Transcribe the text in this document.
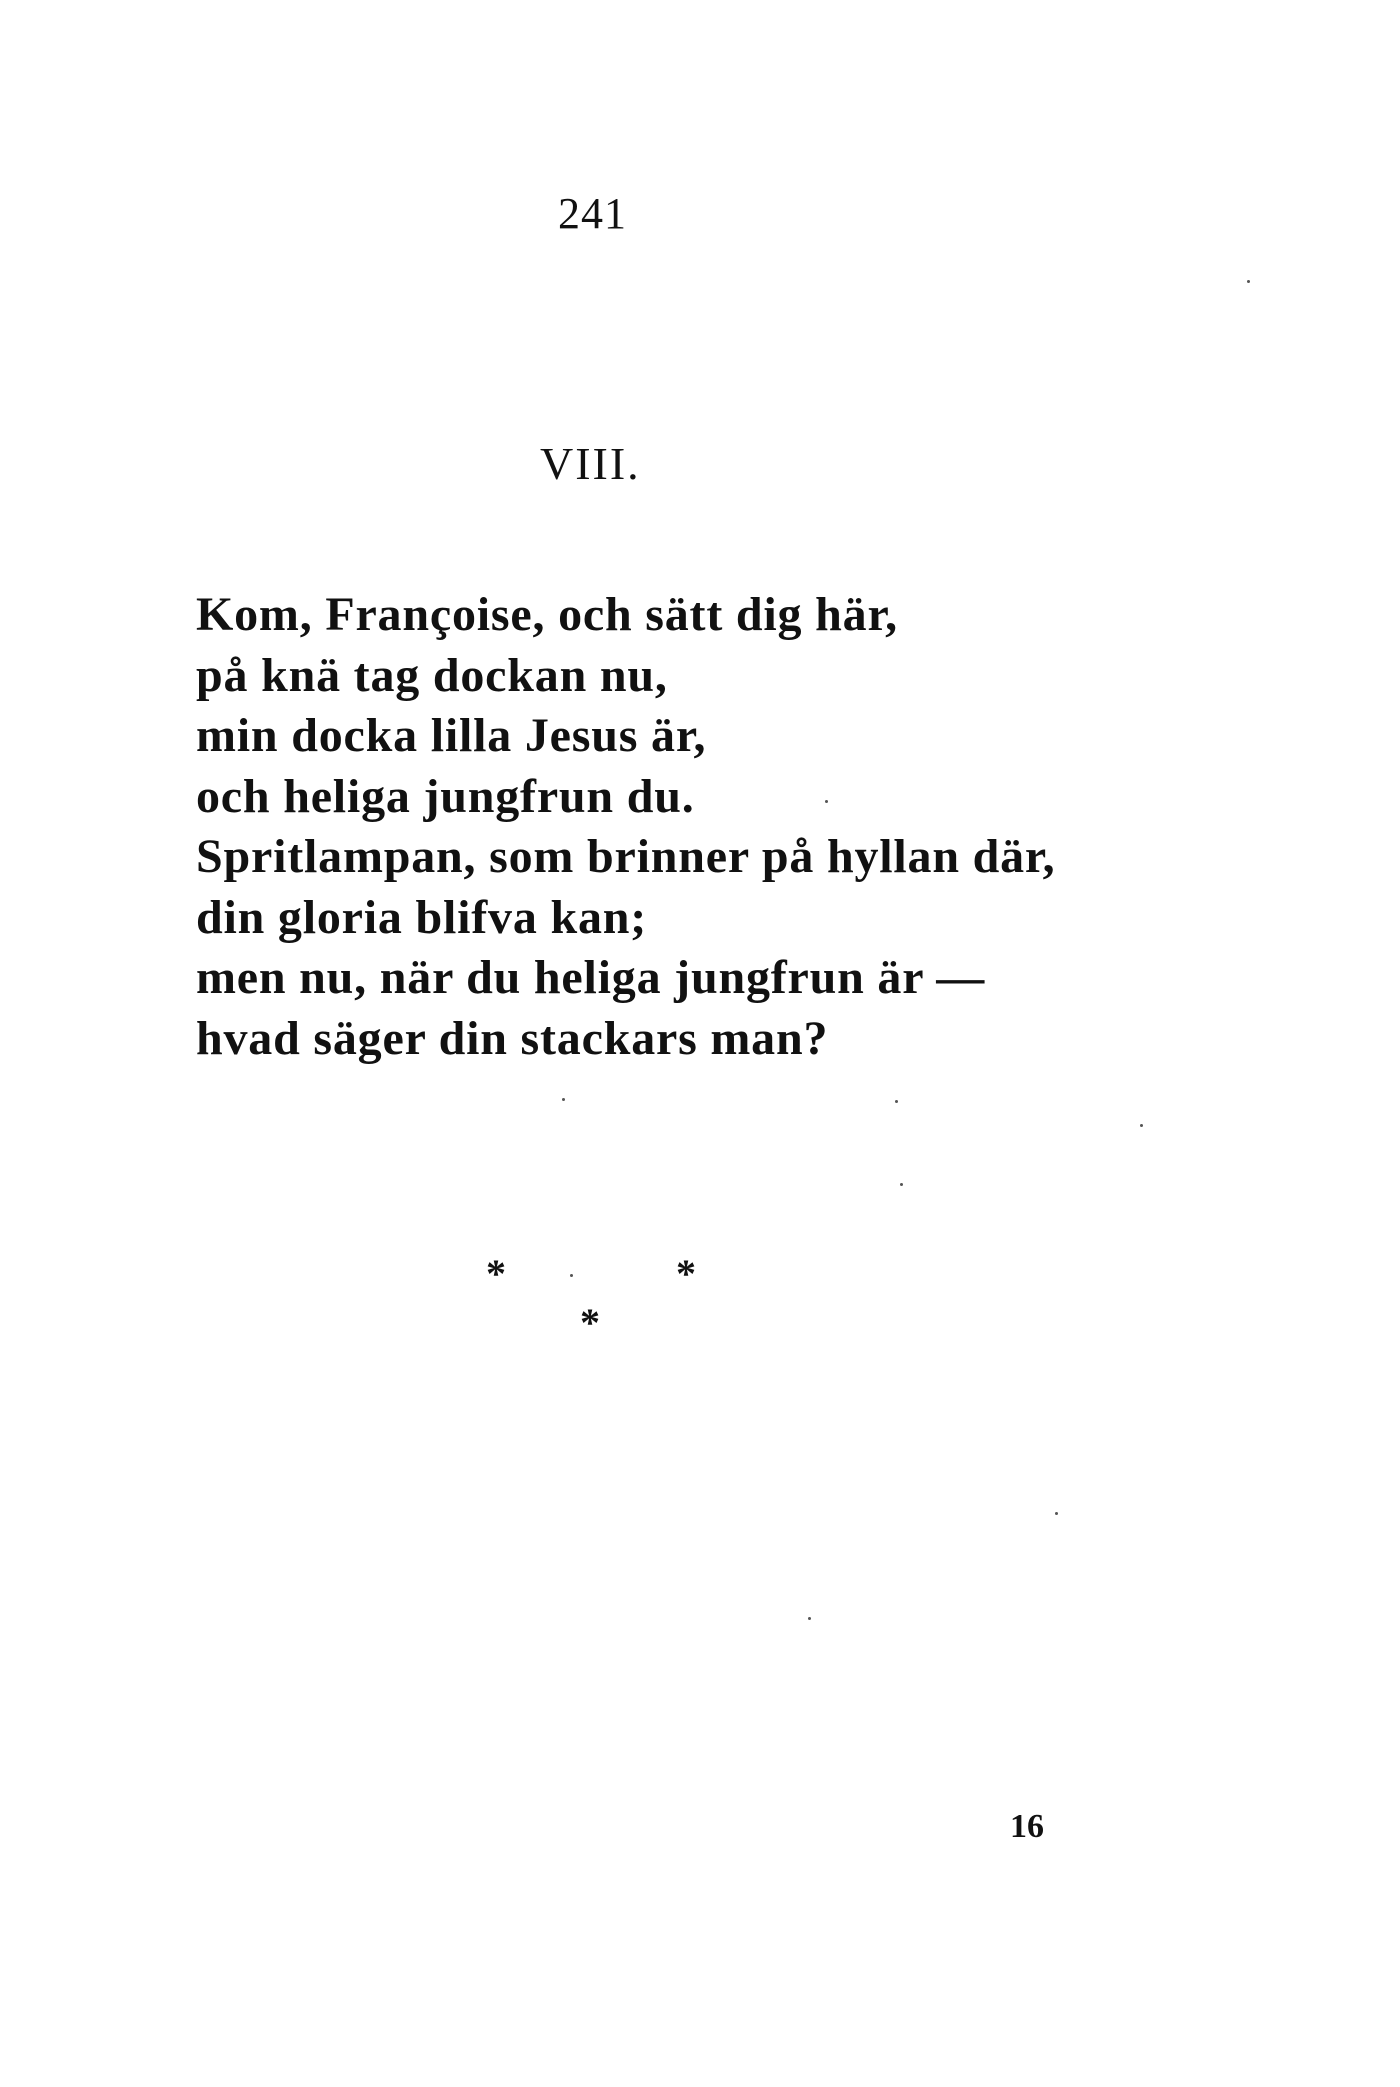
241
VIII.
Kom, Françoise, och sätt dig här,
på knä tag dockan nu,
min docka lilla Jesus är,
och heliga jungfrun du.
Spritlampan, som brinner på hyllan där,
din gloria blifva kan;
men nu, när du heliga jungfrun är —
hvad säger din stackars man?
*	*
*
16
